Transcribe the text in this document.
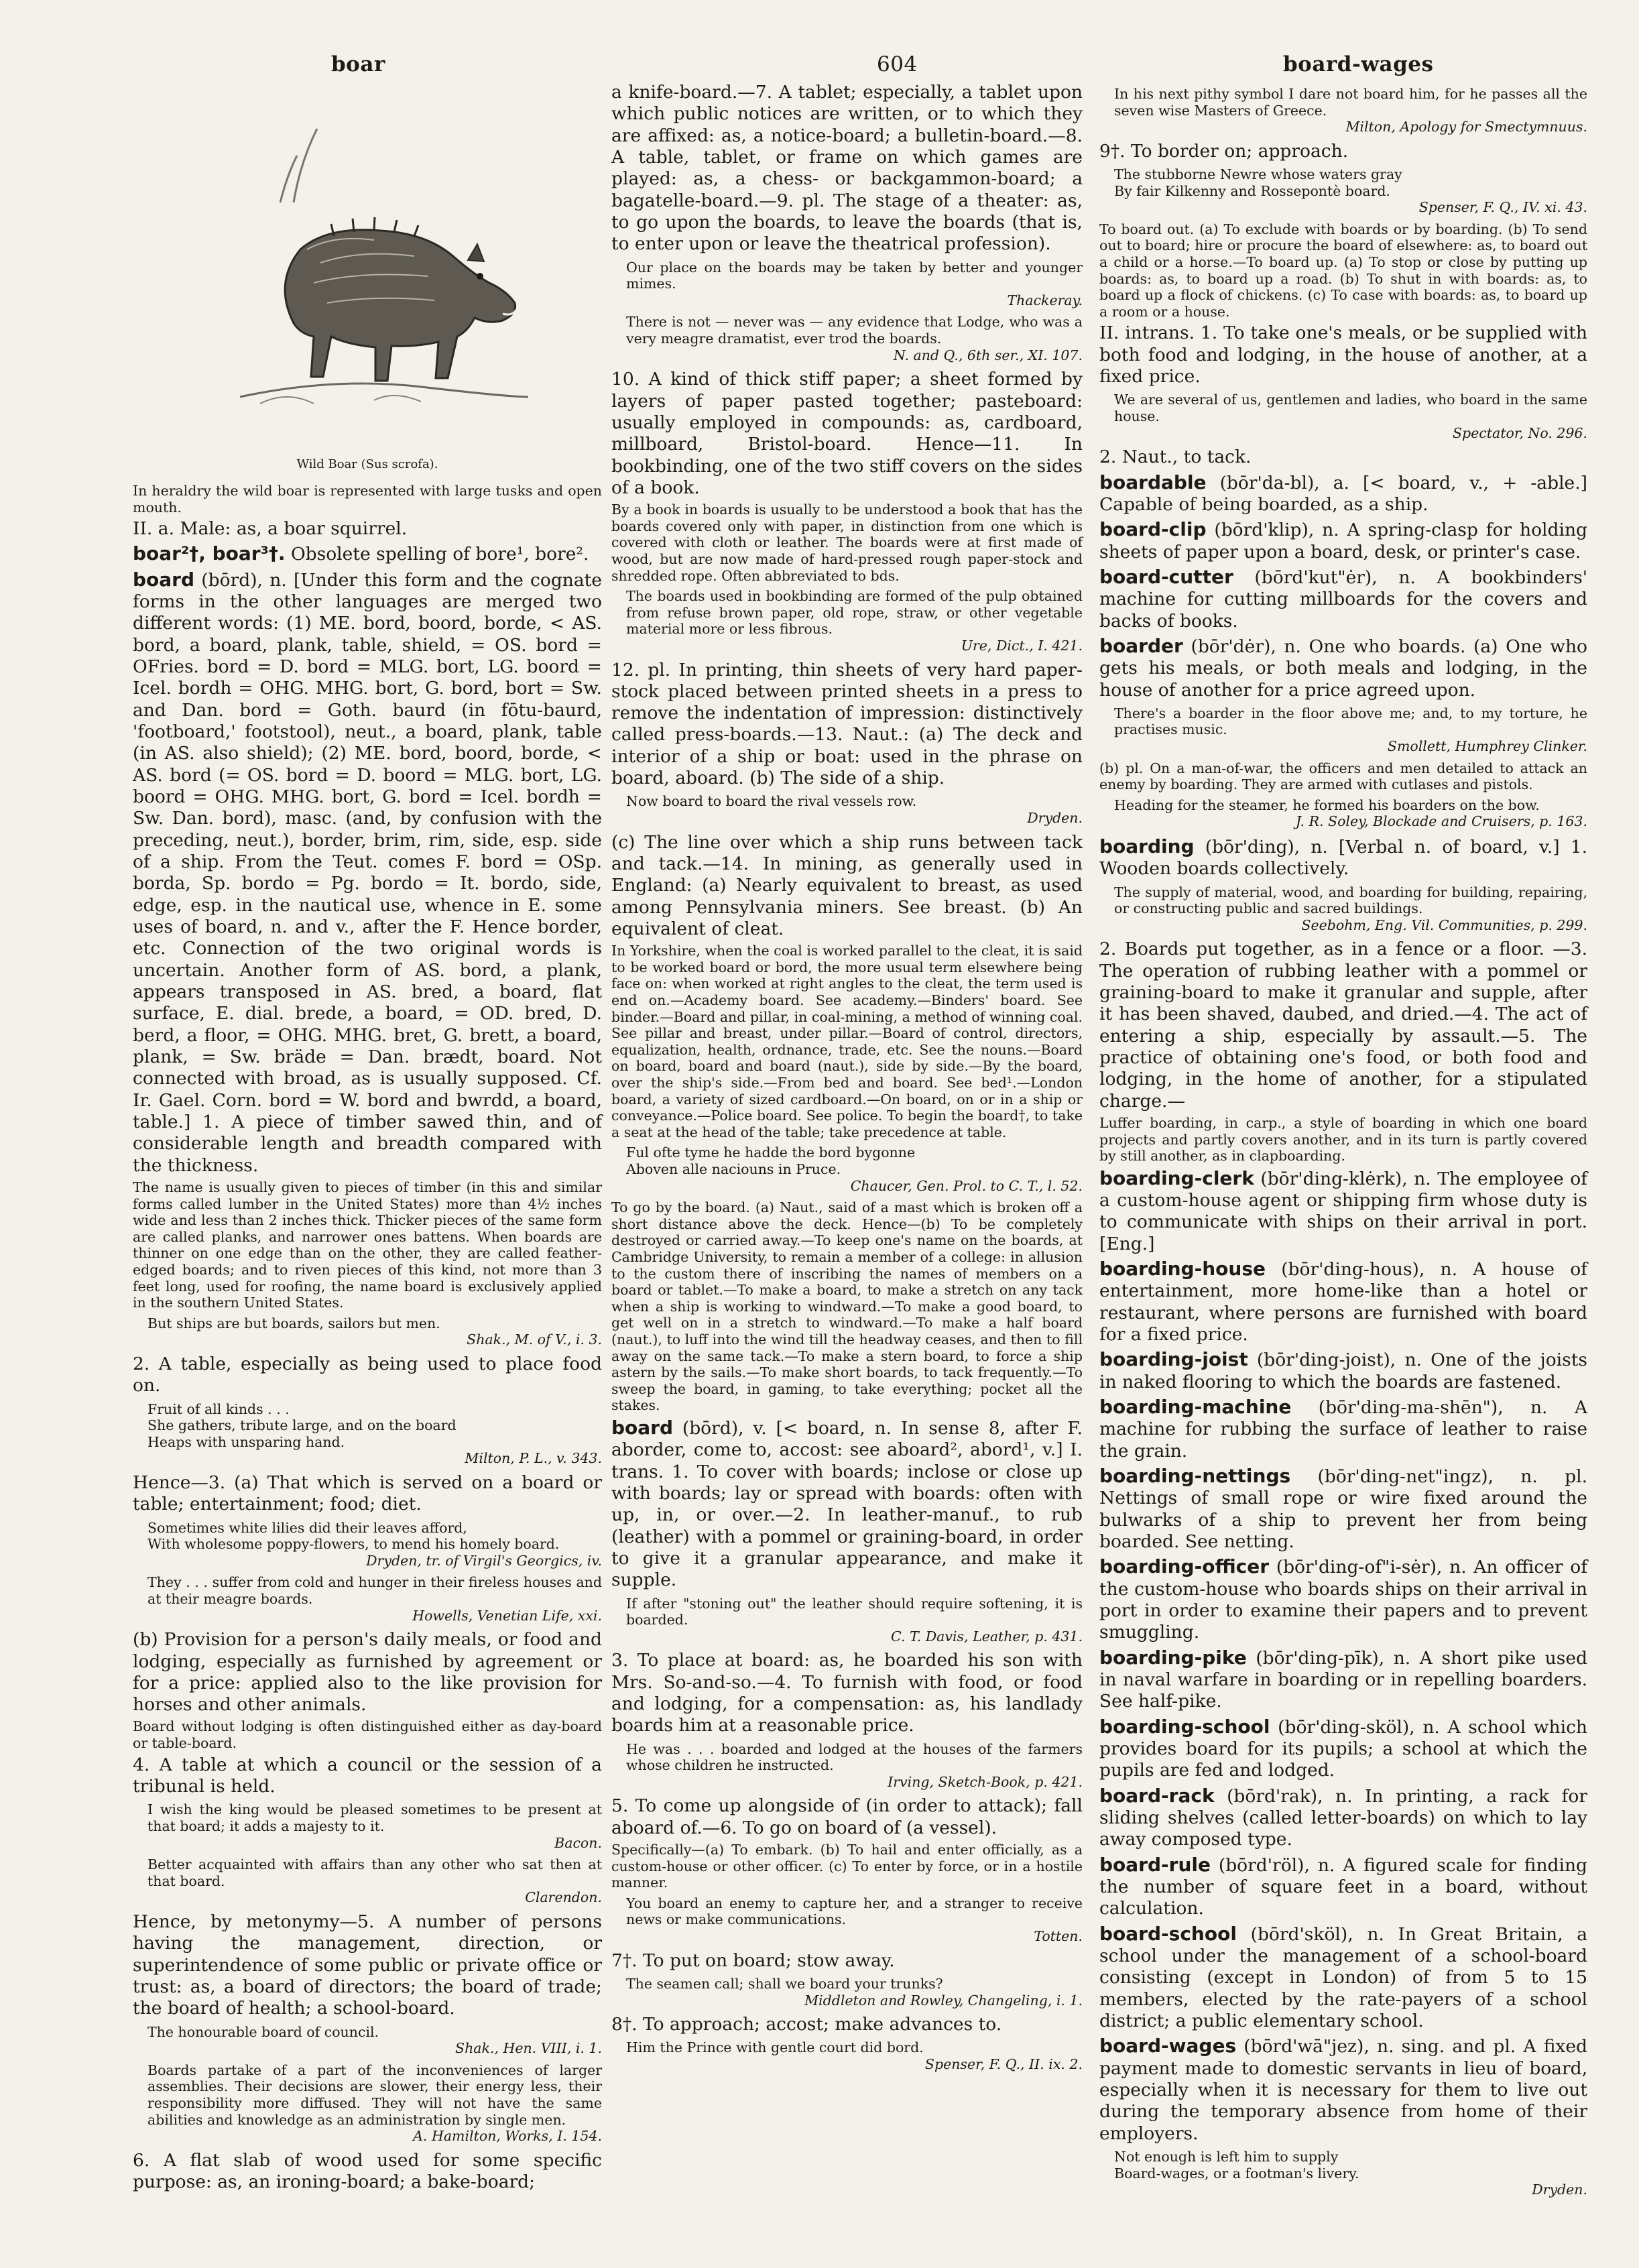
boar	604	board-wages
Wild Boar (Sus scrofa).

In heraldry the wild boar is represented with large tusks and open mouth.

II. a. Male: as, a boar squirrel.

boar²†, boar³†. Obsolete spelling of bore¹, bore².

board (bōrd), n. [Under this form and the cognate forms in the other languages are merged two different words: (1) ME. bord, boord, borde, < AS. bord, a board, plank, table, shield, = OS. bord = OFries. bord = D. bord = MLG. bort, LG. boord = Icel. bordh = OHG. MHG. bort, G. bord, bort = Sw. and Dan. bord = Goth. baurd (in fōtu-baurd, 'footboard,' footstool), neut., a board, plank, table (in AS. also shield); (2) ME. bord, boord, borde, < AS. bord (= OS. bord = D. boord = MLG. bort, LG. boord = OHG. MHG. bort, G. bord = Icel. bordh = Sw. Dan. bord), masc. (and, by confusion with the preceding, neut.), border, brim, rim, side, esp. side of a ship. From the Teut. comes F. bord = OSp. borda, Sp. bordo = Pg. bordo = It. bordo, side, edge, esp. in the nautical use, whence in E. some uses of board, n. and v., after the F. Hence border, etc. Connection of the two original words is uncertain. Another form of AS. bord, a plank, appears transposed in AS. bred, a board, flat surface, E. dial. brede, a board, = OD. bred, D. berd, a floor, = OHG. MHG. bret, G. brett, a board, plank, = Sw. bräde = Dan. brædt, board. Not connected with broad, as is usually supposed. Cf. Ir. Gael. Corn. bord = W. bord and bwrdd, a board, table.] 1. A piece of timber sawed thin, and of considerable length and breadth compared with the thickness.

The name is usually given to pieces of timber (in this and similar forms called lumber in the United States) more than 4½ inches wide and less than 2 inches thick. Thicker pieces of the same form are called planks, and narrower ones battens. When boards are thinner on one edge than on the other, they are called feather-edged boards; and to riven pieces of this kind, not more than 3 feet long, used for roofing, the name board is exclusively applied in the southern United States.

But ships are but boards, sailors but men.
Shak., M. of V., i. 3.

2. A table, especially as being used to place food on.

Fruit of all kinds . . .
She gathers, tribute large, and on the board
Heaps with unsparing hand.
Milton, P. L., v. 343.

Hence—3. (a) That which is served on a board or table; entertainment; food; diet.

Sometimes white lilies did their leaves afford,
With wholesome poppy-flowers, to mend his homely board.
Dryden, tr. of Virgil's Georgics, iv.
They . . . suffer from cold and hunger in their fireless houses and at their meagre boards.
Howells, Venetian Life, xxi.

(b) Provision for a person's daily meals, or food and lodging, especially as furnished by agreement or for a price: applied also to the like provision for horses and other animals.

Board without lodging is often distinguished either as day-board or table-board.

4. A table at which a council or the session of a tribunal is held.

I wish the king would be pleased sometimes to be present at that board; it adds a majesty to it.
Bacon.
Better acquainted with affairs than any other who sat then at that board.
Clarendon.

Hence, by metonymy—5. A number of persons having the management, direction, or superintendence of some public or private office or trust: as, a board of directors; the board of trade; the board of health; a school-board.

The honourable board of council.
Shak., Hen. VIII, i. 1.
Boards partake of a part of the inconveniences of larger assemblies. Their decisions are slower, their energy less, their responsibility more diffused. They will not have the same abilities and knowledge as an administration by single men.
A. Hamilton, Works, I. 154.

6. A flat slab of wood used for some specific purpose: as, an ironing-board; a bake-board;

a knife-board.—7. A tablet; especially, a tablet upon which public notices are written, or to which they are affixed: as, a notice-board; a bulletin-board.—8. A table, tablet, or frame on which games are played: as, a chess- or backgammon-board; a bagatelle-board.—9. pl. The stage of a theater: as, to go upon the boards, to leave the boards (that is, to enter upon or leave the theatrical profession).

Our place on the boards may be taken by better and younger mimes.
Thackeray.
There is not — never was — any evidence that Lodge, who was a very meagre dramatist, ever trod the boards.
N. and Q., 6th ser., XI. 107.

10. A kind of thick stiff paper; a sheet formed by layers of paper pasted together; pasteboard: usually employed in compounds: as, cardboard, millboard, Bristol-board. Hence—11. In bookbinding, one of the two stiff covers on the sides of a book.

By a book in boards is usually to be understood a book that has the boards covered only with paper, in distinction from one which is covered with cloth or leather. The boards were at first made of wood, but are now made of hard-pressed rough paper-stock and shredded rope. Often abbreviated to bds.

The boards used in bookbinding are formed of the pulp obtained from refuse brown paper, old rope, straw, or other vegetable material more or less fibrous.
Ure, Dict., I. 421.

12. pl. In printing, thin sheets of very hard paper-stock placed between printed sheets in a press to remove the indentation of impression: distinctively called press-boards.—13. Naut.: (a) The deck and interior of a ship or boat: used in the phrase on board, aboard. (b) The side of a ship.

Now board to board the rival vessels row.
Dryden.

(c) The line over which a ship runs between tack and tack.—14. In mining, as generally used in England: (a) Nearly equivalent to breast, as used among Pennsylvania miners. See breast. (b) An equivalent of cleat.

In Yorkshire, when the coal is worked parallel to the cleat, it is said to be worked board or bord, the more usual term elsewhere being face on: when worked at right angles to the cleat, the term used is end on.—Academy board. See academy.—Binders' board. See binder.—Board and pillar, in coal-mining, a method of winning coal. See pillar and breast, under pillar.—Board of control, directors, equalization, health, ordnance, trade, etc. See the nouns.—Board on board, board and board (naut.), side by side.—By the board, over the ship's side.—From bed and board. See bed¹.—London board, a variety of sized cardboard.—On board, on or in a ship or conveyance.—Police board. See police. To begin the board†, to take a seat at the head of the table; take precedence at table.

Ful ofte tyme he hadde the bord bygonne
Aboven alle naciouns in Pruce.
Chaucer, Gen. Prol. to C. T., l. 52.

To go by the board. (a) Naut., said of a mast which is broken off a short distance above the deck. Hence—(b) To be completely destroyed or carried away.—To keep one's name on the boards, at Cambridge University, to remain a member of a college: in allusion to the custom there of inscribing the names of members on a board or tablet.—To make a board, to make a stretch on any tack when a ship is working to windward.—To make a good board, to get well on in a stretch to windward.—To make a half board (naut.), to luff into the wind till the headway ceases, and then to fill away on the same tack.—To make a stern board, to force a ship astern by the sails.—To make short boards, to tack frequently.—To sweep the board, in gaming, to take everything; pocket all the stakes.

board (bōrd), v. [< board, n. In sense 8, after F. aborder, come to, accost: see aboard², abord¹, v.] I. trans. 1. To cover with boards; inclose or close up with boards; lay or spread with boards: often with up, in, or over.—2. In leather-manuf., to rub (leather) with a pommel or graining-board, in order to give it a granular appearance, and make it supple.

If after "stoning out" the leather should require softening, it is boarded.
C. T. Davis, Leather, p. 431.

3. To place at board: as, he boarded his son with Mrs. So-and-so.—4. To furnish with food, or food and lodging, for a compensation: as, his landlady boards him at a reasonable price.

He was . . . boarded and lodged at the houses of the farmers whose children he instructed.
Irving, Sketch-Book, p. 421.

5. To come up alongside of (in order to attack); fall aboard of.—6. To go on board of (a vessel).

Specifically—(a) To embark. (b) To hail and enter officially, as a custom-house or other officer. (c) To enter by force, or in a hostile manner.

You board an enemy to capture her, and a stranger to receive news or make communications.
Totten.

7†. To put on board; stow away.

The seamen call; shall we board your trunks?
Middleton and Rowley, Changeling, i. 1.

8†. To approach; accost; make advances to.

Him the Prince with gentle court did bord.
Spenser, F. Q., II. ix. 2.
In his next pithy symbol I dare not board him, for he passes all the seven wise Masters of Greece.
Milton, Apology for Smectymnuus.

9†. To border on; approach.

The stubborne Newre whose waters gray
By fair Kilkenny and Rossepontè board.
Spenser, F. Q., IV. xi. 43.

To board out. (a) To exclude with boards or by boarding. (b) To send out to board; hire or procure the board of elsewhere: as, to board out a child or a horse.—To board up. (a) To stop or close by putting up boards: as, to board up a road. (b) To shut in with boards: as, to board up a flock of chickens. (c) To case with boards: as, to board up a room or a house.

II. intrans. 1. To take one's meals, or be supplied with both food and lodging, in the house of another, at a fixed price.

We are several of us, gentlemen and ladies, who board in the same house.
Spectator, No. 296.

2. Naut., to tack.

boardable (bōr'da-bl), a. [< board, v., + -able.] Capable of being boarded, as a ship.

board-clip (bōrd'klip), n. A spring-clasp for holding sheets of paper upon a board, desk, or printer's case.

board-cutter (bōrd'kut"ėr), n. A bookbinders' machine for cutting millboards for the covers and backs of books.

boarder (bōr'dėr), n. One who boards. (a) One who gets his meals, or both meals and lodging, in the house of another for a price agreed upon.

There's a boarder in the floor above me; and, to my torture, he practises music.
Smollett, Humphrey Clinker.

(b) pl. On a man-of-war, the officers and men detailed to attack an enemy by boarding. They are armed with cutlases and pistols.

Heading for the steamer, he formed his boarders on the bow.
J. R. Soley, Blockade and Cruisers, p. 163.

boarding (bōr'ding), n. [Verbal n. of board, v.] 1. Wooden boards collectively.

The supply of material, wood, and boarding for building, repairing, or constructing public and sacred buildings.
Seebohm, Eng. Vil. Communities, p. 299.

2. Boards put together, as in a fence or a floor. —3. The operation of rubbing leather with a pommel or graining-board to make it granular and supple, after it has been shaved, daubed, and dried.—4. The act of entering a ship, especially by assault.—5. The practice of obtaining one's food, or both food and lodging, in the home of another, for a stipulated charge.—

Luffer boarding, in carp., a style of boarding in which one board projects and partly covers another, and in its turn is partly covered by still another, as in clapboarding.

boarding-clerk (bōr'ding-klėrk), n. The employee of a custom-house agent or shipping firm whose duty is to communicate with ships on their arrival in port. [Eng.]

boarding-house (bōr'ding-hous), n. A house of entertainment, more home-like than a hotel or restaurant, where persons are furnished with board for a fixed price.

boarding-joist (bōr'ding-joist), n. One of the joists in naked flooring to which the boards are fastened.

boarding-machine (bōr'ding-ma-shēn"), n. A machine for rubbing the surface of leather to raise the grain.

boarding-nettings (bōr'ding-net"ingz), n. pl. Nettings of small rope or wire fixed around the bulwarks of a ship to prevent her from being boarded. See netting.

boarding-officer (bōr'ding-of"i-sėr), n. An officer of the custom-house who boards ships on their arrival in port in order to examine their papers and to prevent smuggling.

boarding-pike (bōr'ding-pīk), n. A short pike used in naval warfare in boarding or in repelling boarders. See half-pike.

boarding-school (bōr'ding-sköl), n. A school which provides board for its pupils; a school at which the pupils are fed and lodged.

board-rack (bōrd'rak), n. In printing, a rack for sliding shelves (called letter-boards) on which to lay away composed type.

board-rule (bōrd'röl), n. A figured scale for finding the number of square feet in a board, without calculation.

board-school (bōrd'sköl), n. In Great Britain, a school under the management of a school-board consisting (except in London) of from 5 to 15 members, elected by the rate-payers of a school district; a public elementary school.

board-wages (bōrd'wā"jez), n. sing. and pl. A fixed payment made to domestic servants in lieu of board, especially when it is necessary for them to live out during the temporary absence from home of their employers.

Not enough is left him to supply
Board-wages, or a footman's livery.
Dryden.
